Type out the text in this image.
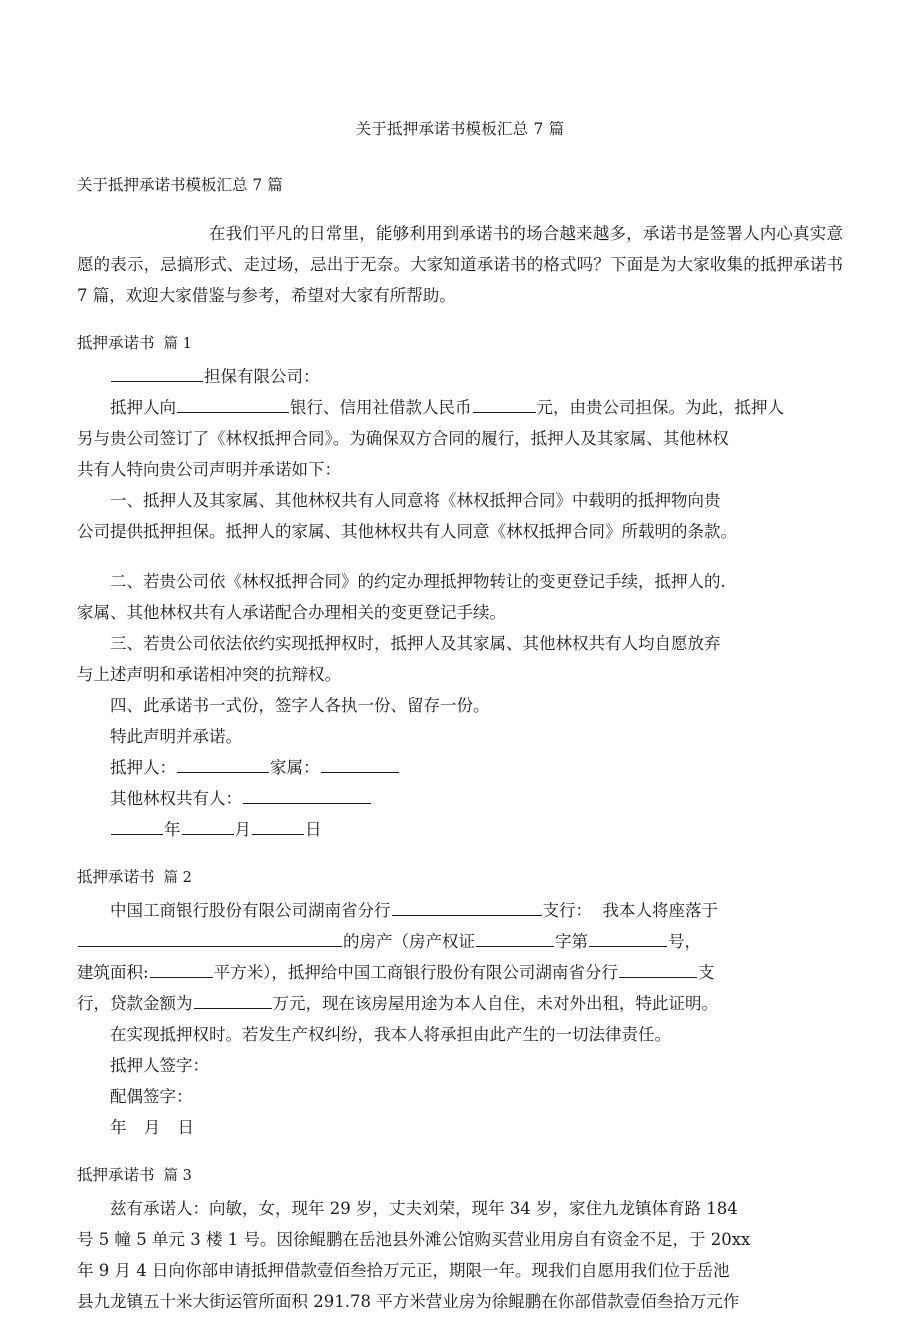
关于抵押承诺书模板汇总 7 篇
关于抵押承诺书模板汇总 7 篇

在我们平凡的日常里，能够利用到承诺书的场合越来越多，承诺书是签署人内心真实意愿的表示，忌搞形式、走过场，忌出于无奈。大家知道承诺书的格式吗？下面是为大家收集的抵押承诺书 7 篇，欢迎大家借鉴与参考，希望对大家有所帮助。

抵押承诺书 篇 1

担保有限公司：

抵押人向	银行、信用社借款人民币	元，由贵公司担保。为此，抵押人

另与贵公司签订了《林权抵押合同》。为确保双方合同的履行，抵押人及其家属、其他林权

共有人特向贵公司声明并承诺如下：

一、抵押人及其家属、其他林权共有人同意将《林权抵押合同》中载明的抵押物向贵

公司提供抵押担保。抵押人的家属、其他林权共有人同意《林权抵押合同》所载明的条款。

二、若贵公司依《林权抵押合同》的约定办理抵押物转让的变更登记手续，抵押人的.

家属、其他林权共有人承诺配合办理相关的变更登记手续。

三、若贵公司依法依约实现抵押权时，抵押人及其家属、其他林权共有人均自愿放弃

与上述声明和承诺相冲突的抗辩权。

四、此承诺书一式份，签字人各执一份、留存一份。

特此声明并承诺。

抵押人：	家属：

其他林权共有人：

年	月	日

抵押承诺书 篇 2

中国工商银行股份有限公司湖南省分行	支行： 我本人将座落于

的房产（房产权证	字第	号，

建筑面积:	平方米），抵押给中国工商银行股份有限公司湖南省分行	支

行，贷款金额为	万元，现在该房屋用途为本人自住，未对外出租，特此证明。

在实现抵押权时。若发生产权纠纷，我本人将承担由此产生的一切法律责任。

抵押人签字：

配偶签字：

年 月 日

抵押承诺书 篇 3

兹有承诺人：向敏，女，现年 29 岁，丈夫刘荣，现年 34 岁，家住九龙镇体育路 184

号 5 幢 5 单元 3 楼 1 号。因徐鲲鹏在岳池县外滩公馆购买营业用房自有资金不足，于 20xx

年 9 月 4 日向你部申请抵押借款壹佰叁拾万元正，期限一年。现我们自愿用我们位于岳池

县九龙镇五十米大街运管所面积 291.78 平方米营业房为徐鲲鹏在你部借款壹佰叁拾万元作
